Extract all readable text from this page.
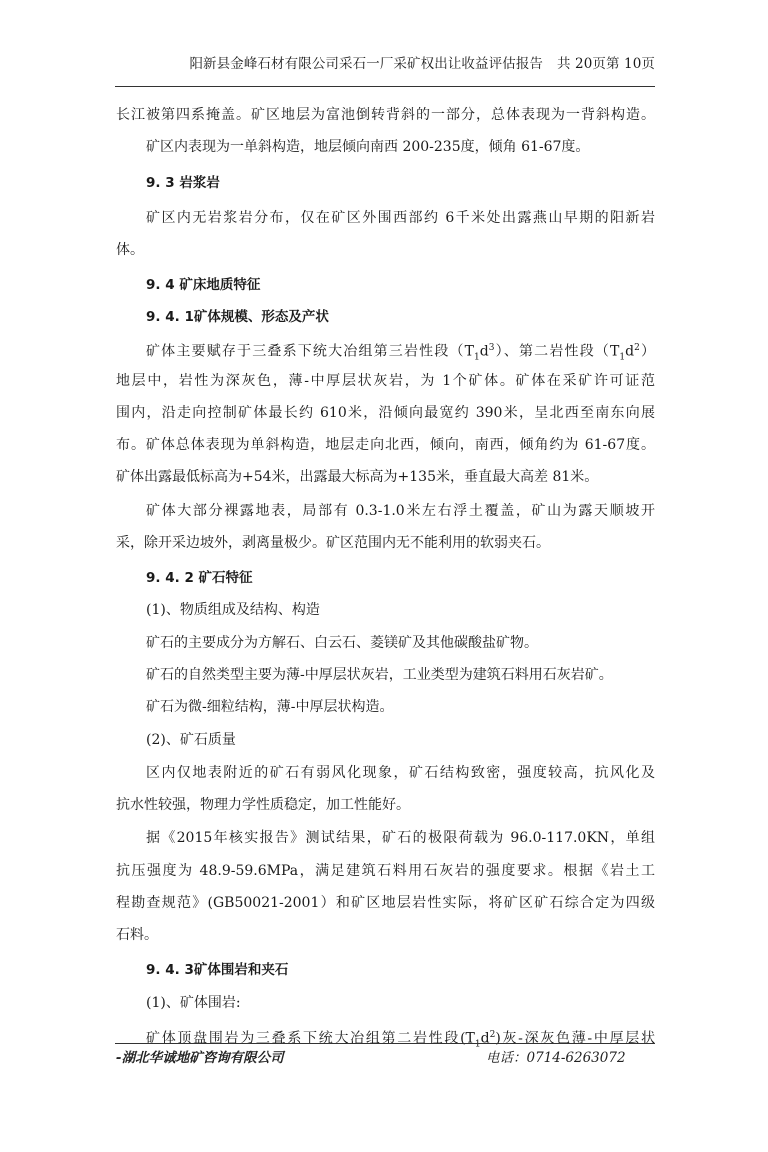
阳新县金峰石材有限公司采石一厂采矿权出让收益评估报告 共 20页第 10页
长江被第四系掩盖。矿区地层为富池倒转背斜的一部分，总体表现为一背斜构造。
矿区内表现为一单斜构造，地层倾向南西 200-235度，倾角 61-67度。
9. 3 岩浆岩
矿区内无岩浆岩分布，仅在矿区外围西部约 6千米处出露燕山早期的阳新岩
体。
9. 4 矿床地质特征
9. 4. 1矿体规模、形态及产状
矿体主要赋存于三叠系下统大冶组第三岩性段$(T_1d^3)$、第二岩性段$(T_1d^2)$
地层中，岩性为深灰色，薄-中厚层状灰岩，为 1个矿体。矿体在采矿许可证范
围内，沿走向控制矿体最长约 610米，沿倾向最宽约 390米，呈北西至南东向展
布。矿体总体表现为单斜构造，地层走向北西，倾向，南西，倾角约为 61-67度。
矿体出露最低标高为+54米，出露最大标高为+135米，垂直最大高差 81米。
矿体大部分裸露地表，局部有 0.3-1.0米左右浮土覆盖，矿山为露天顺坡开
采，除开采边坡外，剥离量极少。矿区范围内无不能利用的软弱夹石。
9. 4. 2 矿石特征
(1)、物质组成及结构、构造
矿石的主要成分为方解石、白云石、菱镁矿及其他碳酸盐矿物。
矿石的自然类型主要为薄-中厚层状灰岩，工业类型为建筑石料用石灰岩矿。
矿石为微-细粒结构，薄-中厚层状构造。
(2)、矿石质量
区内仅地表附近的矿石有弱风化现象，矿石结构致密，强度较高，抗风化及
抗水性较强，物理力学性质稳定，加工性能好。
据《2015年核实报告》测试结果，矿石的极限荷载为 96.0-117.0KN，单组
抗压强度为 48.9-59.6MPa，满足建筑石料用石灰岩的强度要求。根据《岩土工
程勘查规范》(GB50021-2001）和矿区地层岩性实际，将矿区矿石综合定为四级
石料。
9. 4. 3矿体围岩和夹石
(1)、矿体围岩:
矿体顶盘围岩为三叠系下统大冶组第二岩性段$(T_1d^2)$灰-深灰色薄-中厚层状
-湖北华诚地矿咨询有限公司	电话：0714-6263072
